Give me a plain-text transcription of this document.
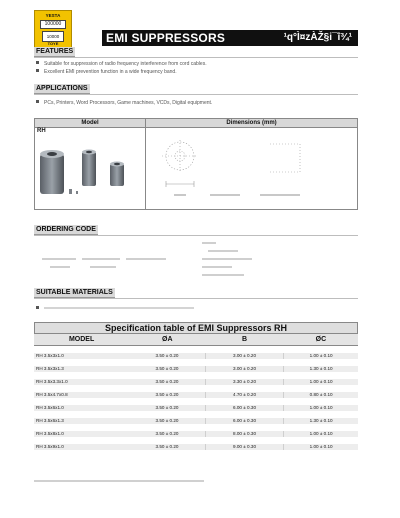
YESTA
100000
10000
TOYE	EMI SUPPRESSORS	¹q°Ì¤zÀŽ§i¯î¾¹
FEATURES
Suitable for suppression of radio frequency interference from cord cables.
Excellent EMI prevention function in a wide frequency band.
APPLICATIONS
PCs, Printers, Word Processors, Game machines, VCDs, Digital equipment.
Model	Dimensions (mm)
RH
ORDERING CODE
SUITABLE MATERIALS
Specification table of EMI Suppressors RH
MODEL	ØA	B	ØC

RH 3.5x3x1.0	3.50 ± 0.20	3.00 ± 0.20	1.00 ± 0.10

RH 3.5x3x1.3	3.50 ± 0.20	3.00 ± 0.20	1.30 ± 0.10

RH 3.5x3.3x1.0	3.50 ± 0.20	3.30 ± 0.20	1.00 ± 0.10

RH 3.5x4.7x0.8	3.50 ± 0.20	4.70 ± 0.20	0.80 ± 0.10

RH 3.5x6x1.0	3.50 ± 0.20	6.00 ± 0.30	1.00 ± 0.10

RH 3.5x6x1.3	3.50 ± 0.20	6.00 ± 0.30	1.30 ± 0.10

RH 3.5x8x1.0	3.50 ± 0.20	8.00 ± 0.30	1.00 ± 0.10

RH 3.5x9x1.0	3.50 ± 0.20	9.00 ± 0.30	1.00 ± 0.10
